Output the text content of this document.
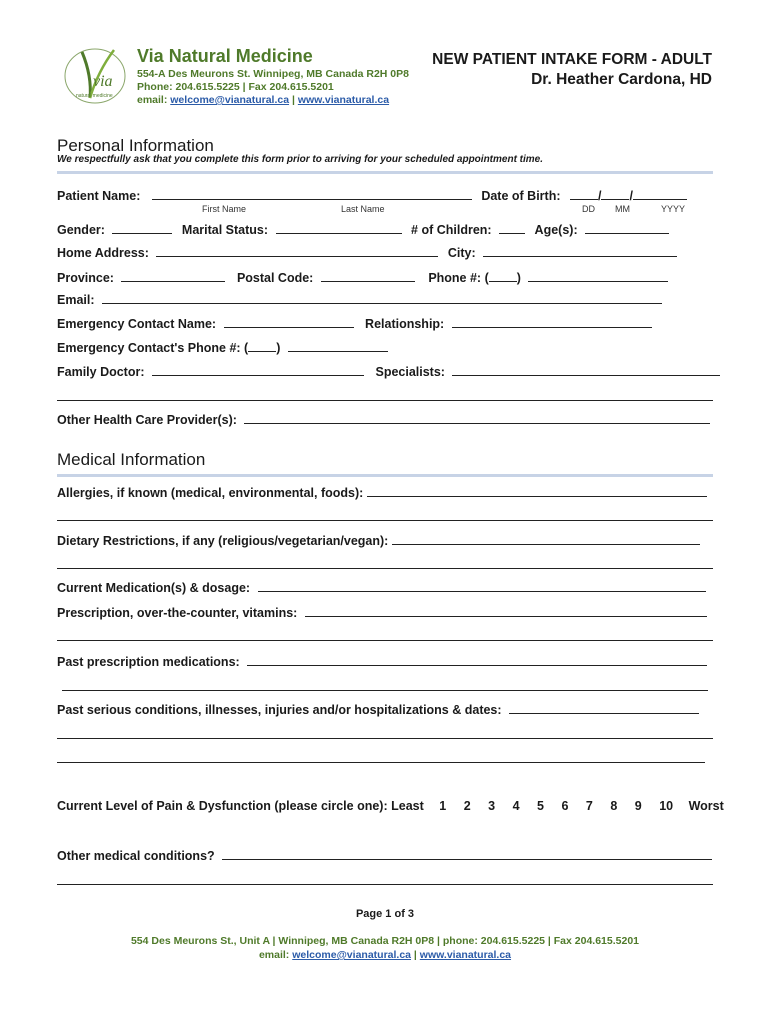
via
natural medicine
Via Natural Medicine
554-A Des Meurons St. Winnipeg, MB Canada R2H 0P8
Phone: 204.615.5225 | Fax 204.615.5201
email: welcome@vianatural.ca | www.vianatural.ca
NEW PATIENT INTAKE FORM - ADULT
Dr. Heather Cardona, HD
Personal Information
We respectfully ask that you complete this form prior to arriving for your scheduled appointment time.
Patient Name:	Date of Birth:	/ /
First Name	Last Name	DD MM	YYYY
Gender:	Marital Status:	# of Children:	Age(s):
Home Address:	City:
Province:	Postal Code:	Phone #: ( )
Email:
Emergency Contact Name:	Relationship:
Emergency Contact's Phone #: ( )
Family Doctor:	Specialists:
Other Health Care Provider(s):
Medical Information
Allergies, if known (medical, environmental, foods):
Dietary Restrictions, if any (religious/vegetarian/vegan):
Current Medication(s) & dosage:
Prescription, over-the-counter, vitamins:
Past prescription medications:
Past serious conditions, illnesses, injuries and/or hospitalizations & dates:
Current Level of Pain & Dysfunction (please circle one): Least 1 2 3 4 5 6 7 8 9 10 Worst
Other medical conditions?
Page 1 of 3
554 Des Meurons St., Unit A | Winnipeg, MB Canada R2H 0P8 | phone: 204.615.5225 | Fax 204.615.5201
email: welcome@vianatural.ca | www.vianatural.ca
